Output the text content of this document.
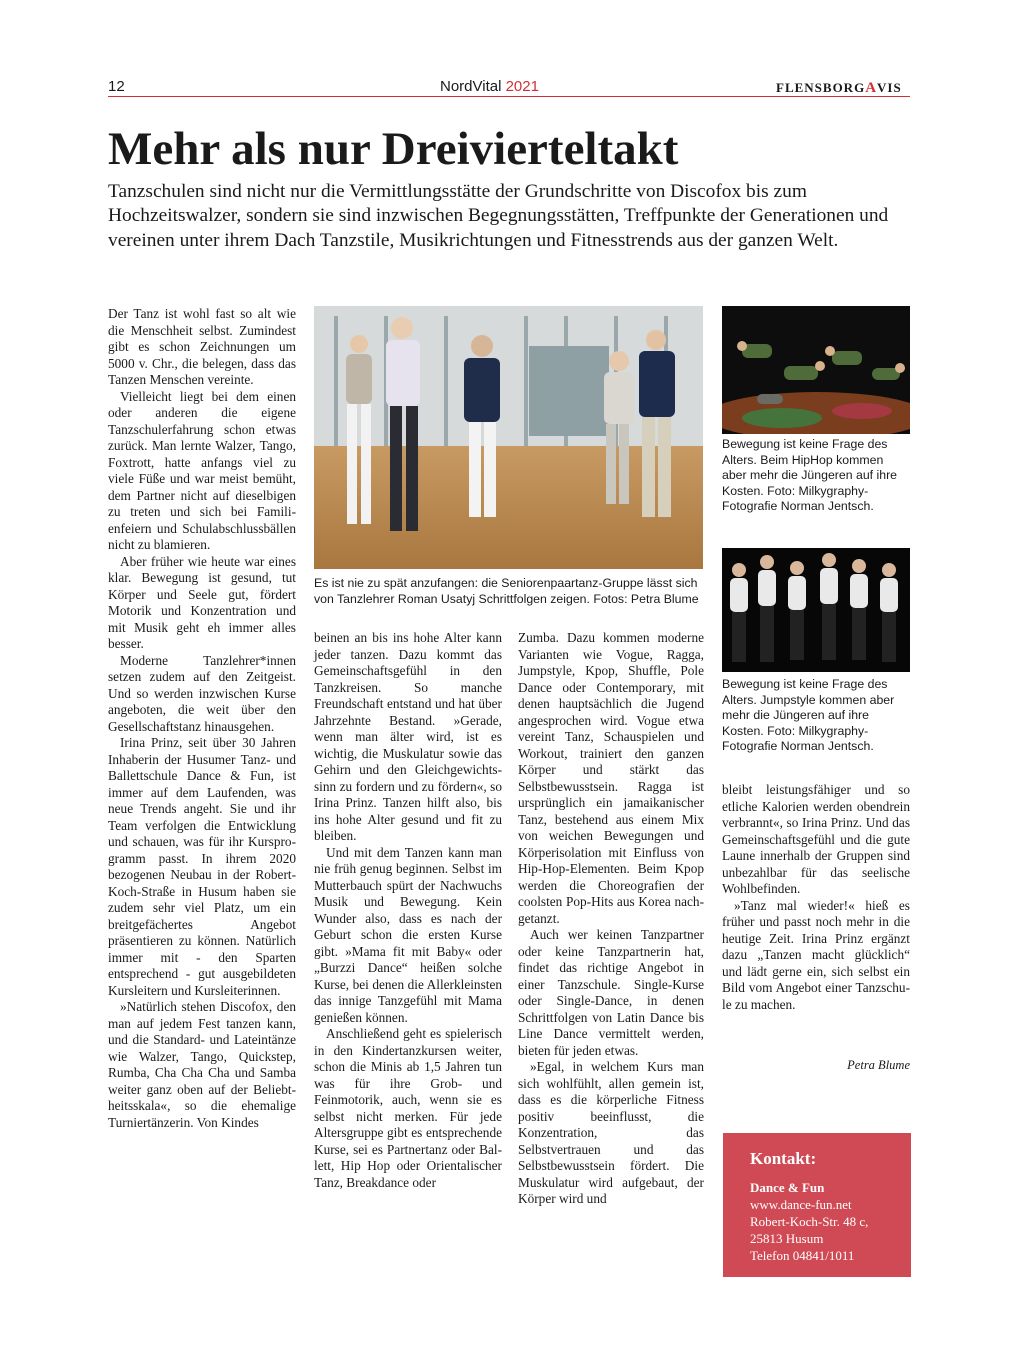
12	NordVital 2021	FLENSBORGAVIS
Mehr als nur Dreivierteltakt
Tanzschulen sind nicht nur die Vermittlungsstätte der Grundschritte von Discofox bis zum Hochzeitswalzer, sondern sie sind inzwischen Begegnungsstätten, Treffpunkte der Generationen und vereinen unter ihrem Dach Tanzstile, Musikrichtungen und Fitnesstrends aus der ganzen Welt.

Der Tanz ist wohl fast so alt wie die Menschheit selbst. Zumindest gibt es schon Zeichnungen um 5000 v. Chr., die belegen, dass das Tanzen Menschen vereinte.

Vielleicht liegt bei dem einen oder anderen die eigene Tanzschulerfahrung schon etwas zurück. Man lernte Walzer, Tango, Foxtrott, hatte anfangs viel zu viele Füße und war meist bemüht, dem Partner nicht auf dieselbigen zu treten und sich bei Familienfeiern und Schulabschlussbällen nicht zu blamieren.

Aber früher wie heute war eines klar. Bewegung ist gesund, tut Körper und Seele gut, fördert Motorik und Konzentration und mit Musik geht eh immer alles besser.

Moderne Tanzlehrer*innen setzen zudem auf den Zeitgeist. Und so werden inzwischen Kurse angeboten, die weit über den Gesellschaftstanz hinausgehen.

Irina Prinz, seit über 30 Jahren Inhaberin der Husumer Tanz- und Ballettschule Dance & Fun, ist immer auf dem Laufenden, was neue Trends angeht. Sie und ihr Team verfolgen die Entwicklung und schauen, was für ihr Kursprogramm passt. In ihrem 2020 bezogenen Neubau in der Robert-Koch-Straße in Husum haben sie zudem sehr viel Platz, um ein breitgefächertes Angebot präsentieren zu können. Natürlich immer mit - den Sparten entsprechend - gut ausgebildeten Kursleitern und Kursleiterinnen.

»Natürlich stehen Discofox, den man auf jedem Fest tanzen kann, und die Standard- und Lateintänze wie Walzer, Tango, Quickstep, Rumba, Cha Cha Cha und Samba weiter ganz oben auf der Beliebtheitsskala«, so die ehemalige Turniertänzerin. Von Kindes

Es ist nie zu spät anzufangen: die Seniorenpaartanz-Gruppe lässt sich von Tanzlehrer Roman Usatyj Schrittfolgen zeigen. Fotos: Petra Blume
Bewegung ist keine Frage des Alters. Beim HipHop kommen aber mehr die Jüngeren auf ihre Kosten. Foto: Milkygraphy-Fotografie Norman Jentsch.
Bewegung ist keine Frage des Alters. Jumpstyle kommen aber mehr die Jüngeren auf ihre Kosten. Foto: Milkygraphy-Fotografie Norman Jentsch.

beinen an bis ins hohe Alter kann jeder tanzen. Dazu kommt das Gemeinschaftsgefühl in den Tanzkreisen. So manche Freundschaft entstand und hat über Jahrzehnte Bestand. »Gerade, wenn man älter wird, ist es wichtig, die Muskulatur sowie das Gehirn und den Gleichgewichtssinn zu fordern und zu fördern«, so Irina Prinz. Tanzen hilft also, bis ins hohe Alter gesund und fit zu bleiben.

Und mit dem Tanzen kann man nie früh genug beginnen. Selbst im Mutterbauch spürt der Nachwuchs Musik und Bewegung. Kein Wunder also, dass es nach der Geburt schon die ersten Kurse gibt. »Mama fit mit Baby« oder „Burzzi Dance“ heißen solche Kurse, bei denen die Allerkleinsten das innige Tanzgefühl mit Mama genießen können.

Anschließend geht es spielerisch in den Kindertanzkursen weiter, schon die Minis ab 1,5 Jahren tun was für ihre Grob- und Feinmotorik, auch, wenn sie es selbst nicht merken. Für jede Altersgruppe gibt es entsprechende Kurse, sei es Partnertanz oder Ballett, Hip Hop oder Orientalischer Tanz, Breakdance oder

Zumba. Dazu kommen moderne Varianten wie Vogue, Ragga, Jumpstyle, Kpop, Shuffle, Pole Dance oder Contemporary, mit denen hauptsächlich die Jugend angesprochen wird. Vogue etwa vereint Tanz, Schauspielen und Workout, trainiert den ganzen Körper und stärkt das Selbstbewusstsein. Ragga ist ursprünglich ein jamaikanischer Tanz, bestehend aus einem Mix von weichen Bewegungen und Körperisolation mit Einfluss von Hip-Hop-Elementen. Beim Kpop werden die Choreografien der coolsten Pop-Hits aus Korea nachgetanzt.

Auch wer keinen Tanzpartner oder keine Tanzpartnerin hat, findet das richtige Angebot in einer Tanzschule. Single-Kurse oder Single-Dance, in denen Schrittfolgen von Latin Dance bis Line Dance vermittelt werden, bieten für jeden etwas.

»Egal, in welchem Kurs man sich wohlfühlt, allen gemein ist, dass es die körperliche Fitness positiv beeinflusst, die Konzentration, das Selbstvertrauen und das Selbstbewusstsein fördert. Die Muskulatur wird aufgebaut, der Körper wird und

bleibt leistungsfähiger und so etliche Kalorien werden obendrein verbrannt«, so Irina Prinz. Und das Gemeinschaftsgefühl und die gute Laune innerhalb der Gruppen sind unbezahlbar für das seelische Wohlbefinden.

»Tanz mal wieder!« hieß es früher und passt noch mehr in die heutige Zeit. Irina Prinz ergänzt dazu „Tanzen macht glücklich“ und lädt gerne ein, sich selbst ein Bild vom Angebot einer Tanzschule zu machen.

Petra Blume
Kontakt:
Dance & Fun
www.dance-fun.net
Robert-Koch-Str. 48 c,
25813 Husum
Telefon 04841/1011
